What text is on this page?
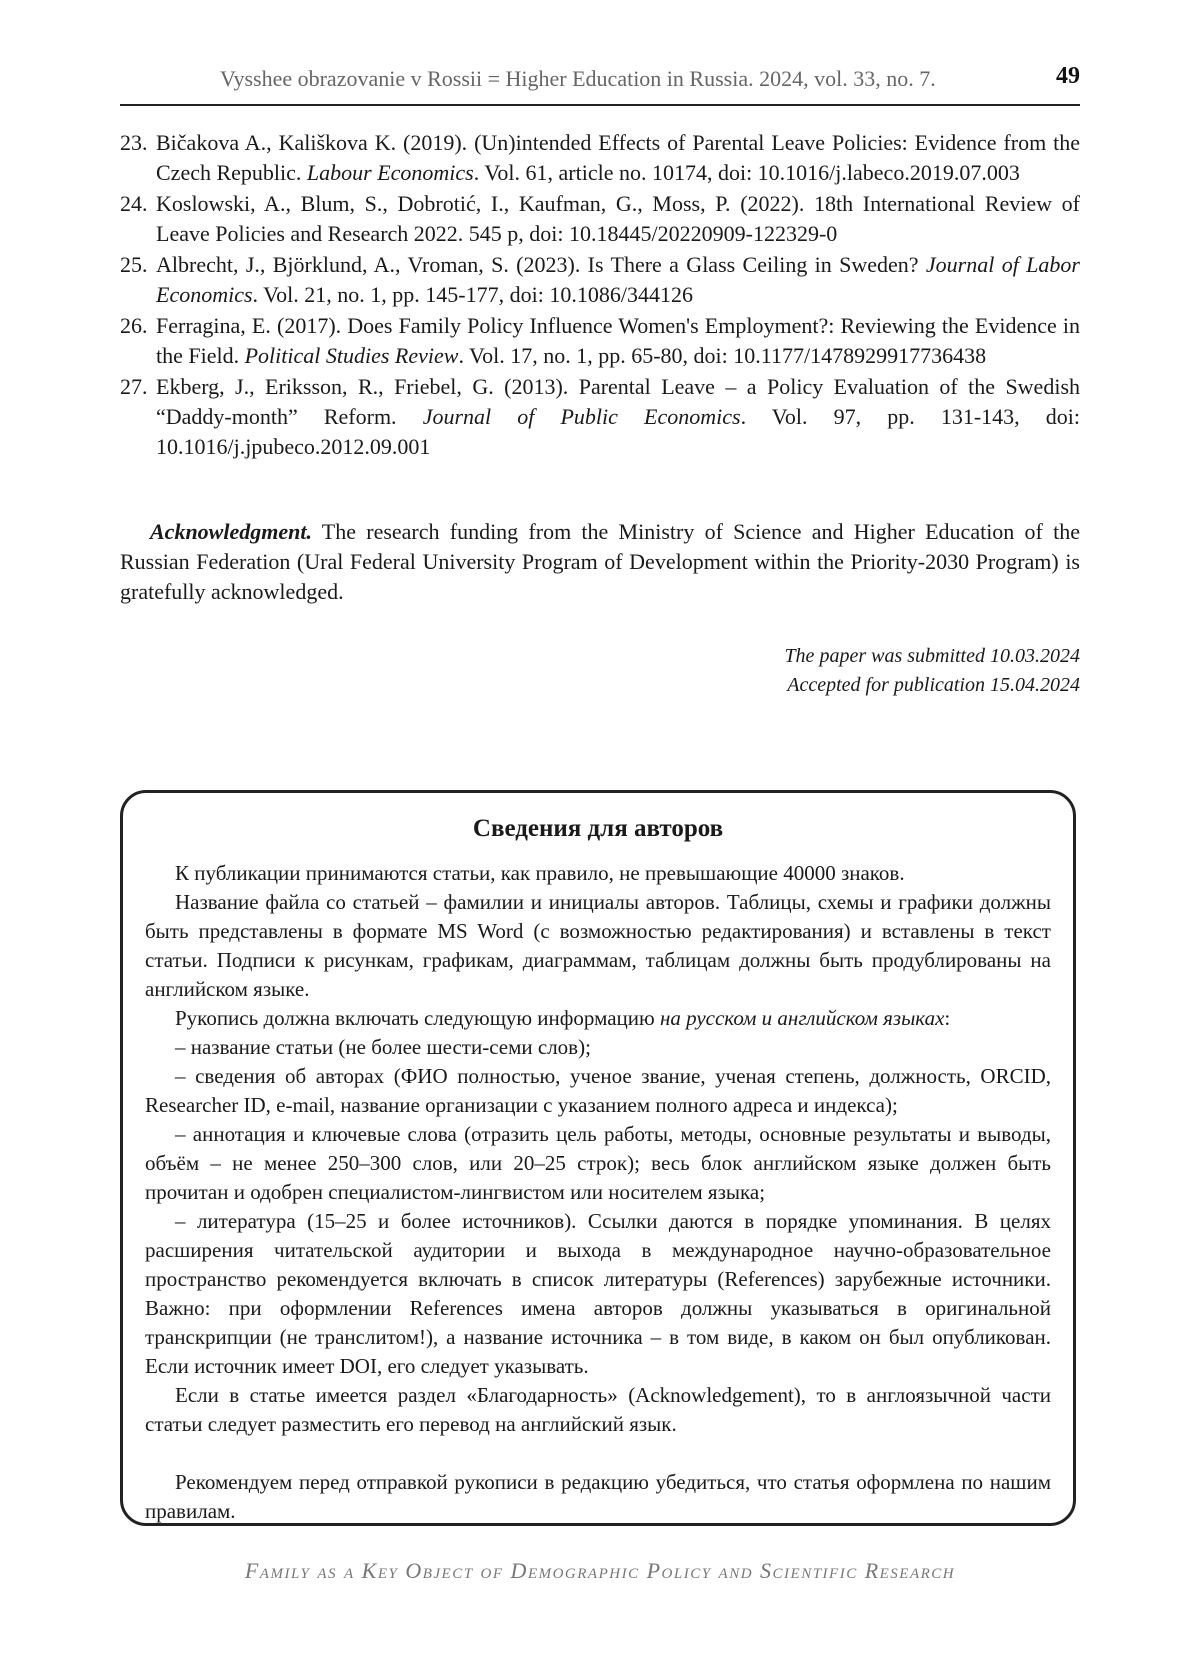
Vysshee obrazovanie v Rossii = Higher Education in Russia. 2024, vol. 33, no. 7.	49
23. Bičakova A., Kališkova K. (2019). (Un)intended Effects of Parental Leave Policies: Evidence from the Czech Republic. Labour Economics. Vol. 61, article no. 10174, doi: 10.1016/j.labeco.2019.07.003
24. Koslowski, A., Blum, S., Dobrotić, I., Kaufman, G., Moss, P. (2022). 18th International Review of Leave Policies and Research 2022. 545 p, doi: 10.18445/20220909-122329-0
25. Albrecht, J., Björklund, A., Vroman, S. (2023). Is There a Glass Ceiling in Sweden? Journal of Labor Economics. Vol. 21, no. 1, pp. 145-177, doi: 10.1086/344126
26. Ferragina, E. (2017). Does Family Policy Influence Women's Employment?: Reviewing the Evidence in the Field. Political Studies Review. Vol. 17, no. 1, pp. 65-80, doi: 10.1177/1478929917736438
27. Ekberg, J., Eriksson, R., Friebel, G. (2013). Parental Leave – a Policy Evaluation of the Swedish “Daddy-month” Reform. Journal of Public Economics. Vol. 97, pp. 131-143, doi: 10.1016/j.jpubeco.2012.09.001
Acknowledgment. The research funding from the Ministry of Science and Higher Education of the Russian Federation (Ural Federal University Program of Development within the Priority-2030 Program) is gratefully acknowledged.
The paper was submitted 10.03.2024
Accepted for publication 15.04.2024
Сведения для авторов

К публикации принимаются статьи, как правило, не превышающие 40000 знаков.

Название файла со статьей – фамилии и инициалы авторов. Таблицы, схемы и графики должны быть представлены в формате MS Word (с возможностью редактирования) и вставлены в текст статьи. Подписи к рисункам, графикам, диаграммам, таблицам должны быть продублированы на английском языке.

Рукопись должна включать следующую информацию на русском и английском языках:

– название статьи (не более шести-семи слов);

– сведения об авторах (ФИО полностью, ученое звание, ученая степень, должность, ORCID, Researcher ID, e-mail, название организации с указанием полного адреса и индекса);

– аннотация и ключевые слова (отразить цель работы, методы, основные результаты и выводы, объём – не менее 250–300 слов, или 20–25 строк); весь блок английском языке должен быть прочитан и одобрен специалистом-лингвистом или носителем языка;

– литература (15–25 и более источников). Ссылки даются в порядке упоминания. В целях расширения читательской аудитории и выхода в международное научно-образовательное пространство рекомендуется включать в список литературы (References) зарубежные источники. Важно: при оформлении References имена авторов должны указываться в оригинальной транскрипции (не транслитом!), а название источника – в том виде, в каком он был опубликован. Если источник имеет DOI, его следует указывать.

Если в статье имеется раздел «Благодарность» (Acknowledgement), то в англоязычной части статьи следует разместить его перевод на английский язык.

Рекомендуем перед отправкой рукописи в редакцию убедиться, что статья оформлена по нашим правилам.

Family as a Key Object of Demographic Policy and Scientific Research
